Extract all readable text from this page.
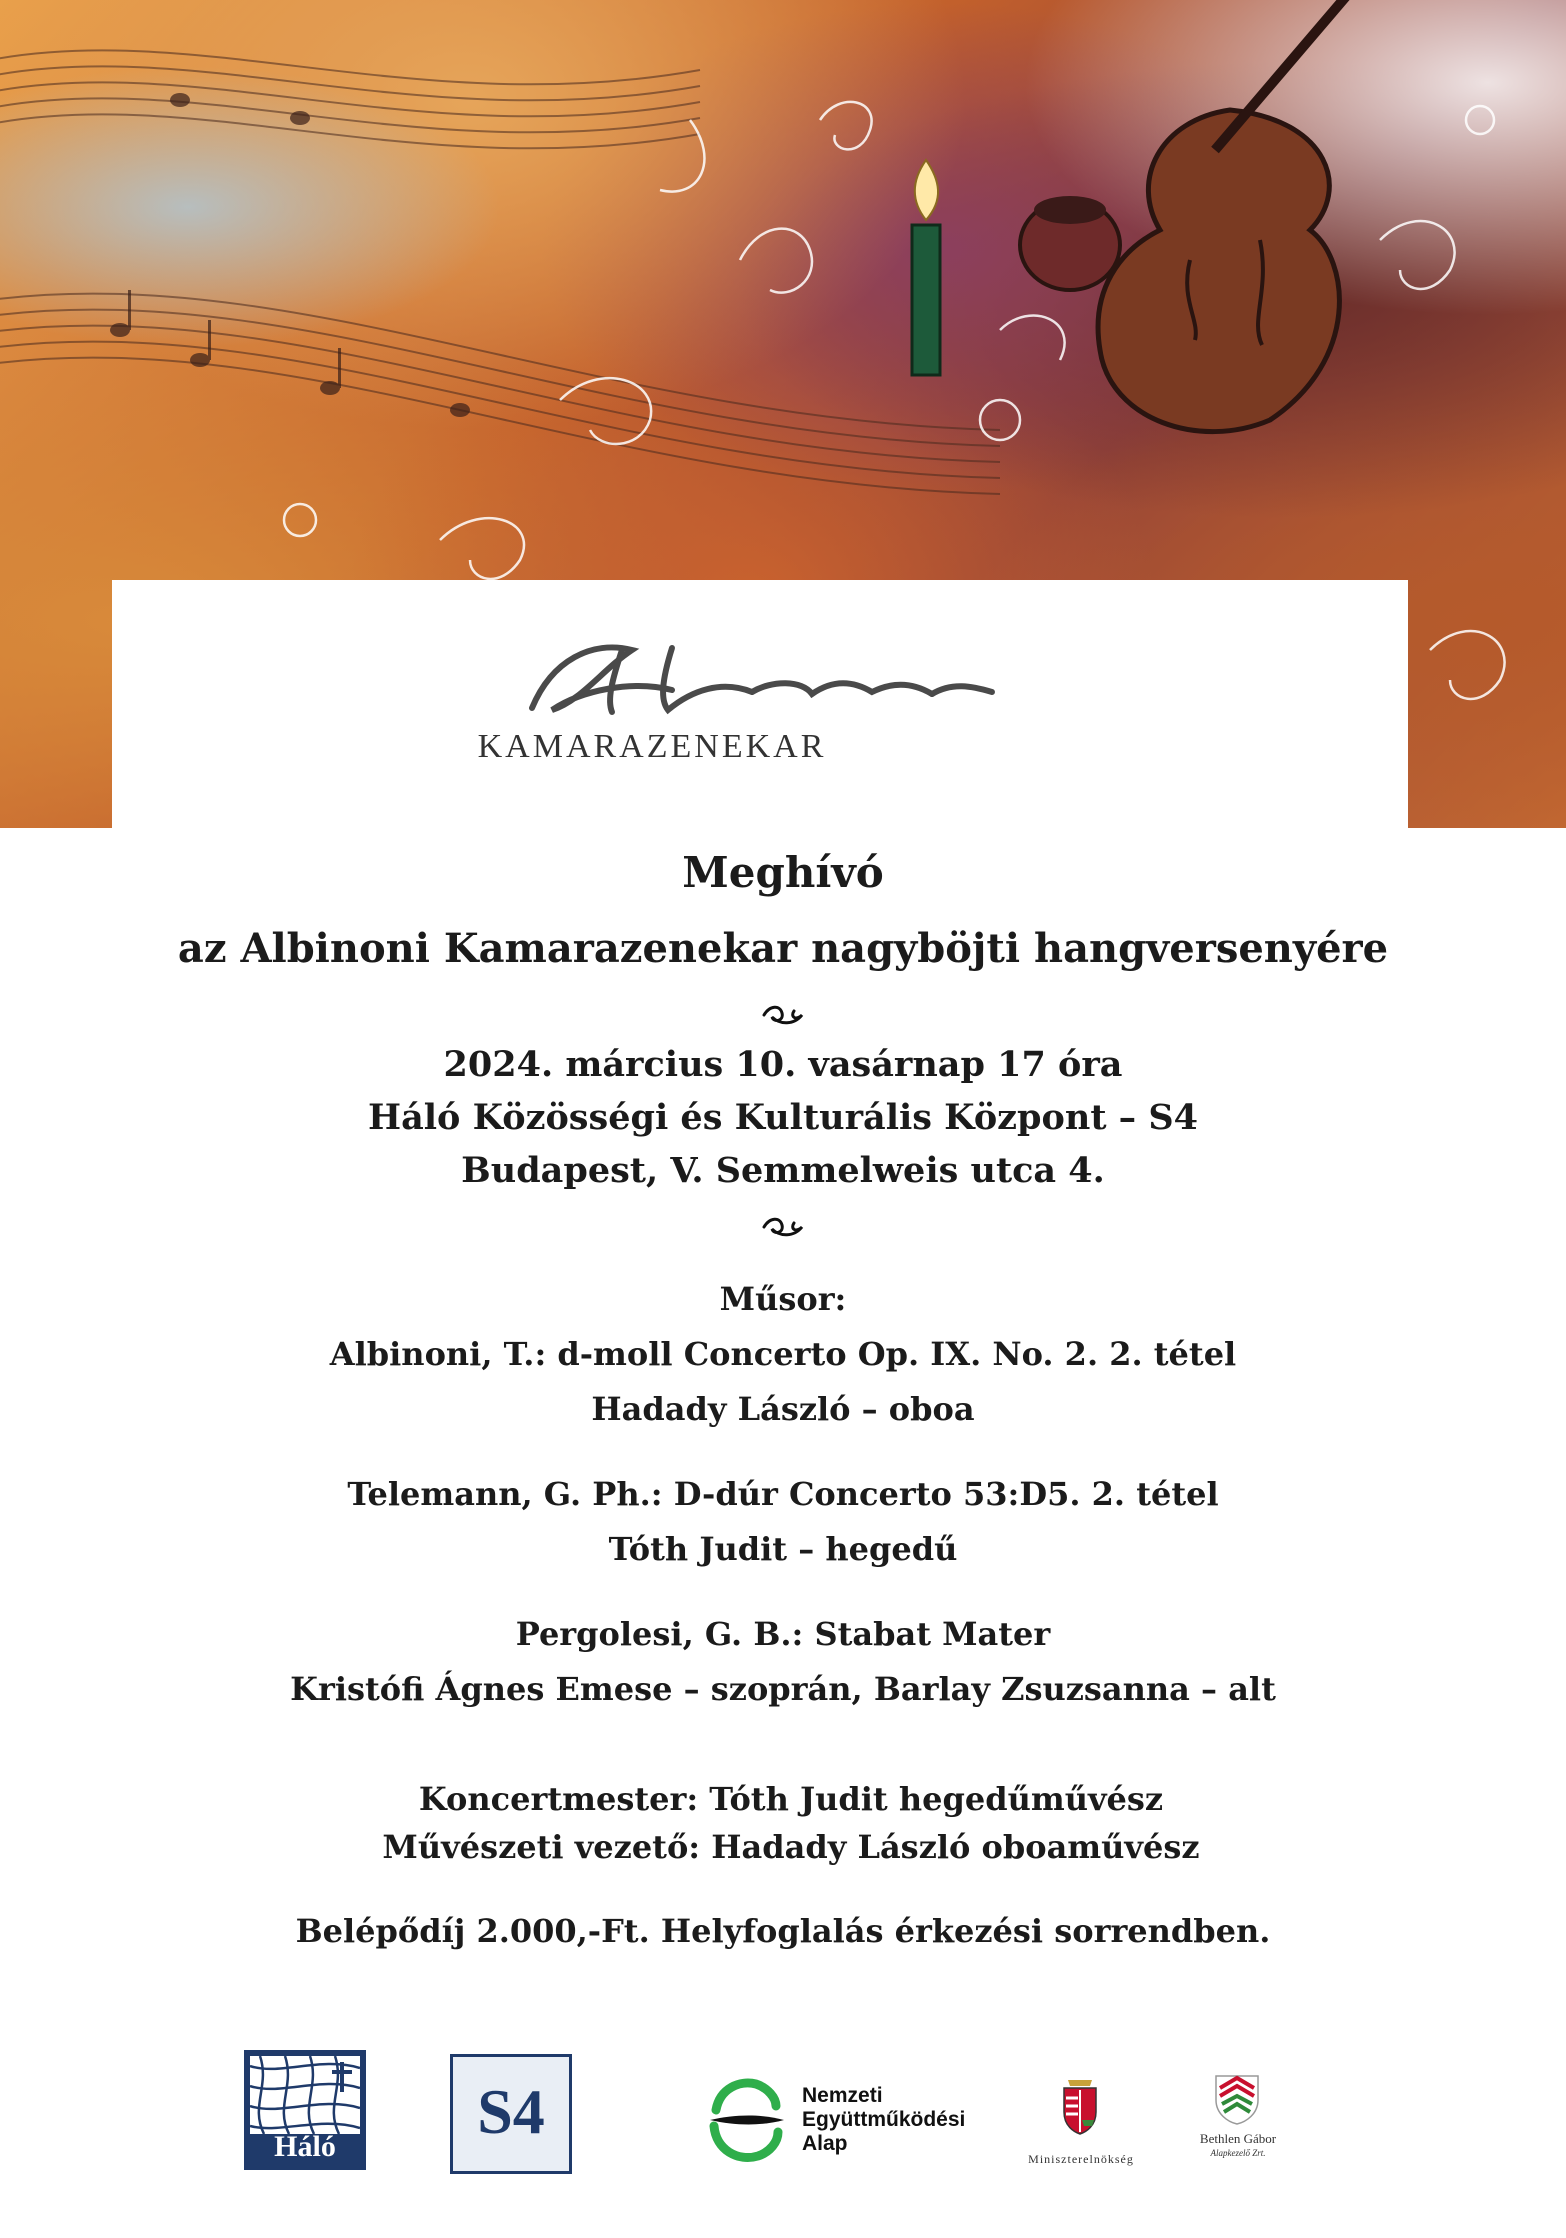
KAMARAZENEKAR
Meghívó
az Albinoni Kamarazenekar nagyböjti hangversenyére
2024. március 10. vasárnap 17 óra
Háló Közösségi és Kulturális Központ – S4
Budapest, V. Semmelweis utca 4.
Műsor:
Albinoni, T.: d-moll Concerto Op. IX. No. 2. 2. tétel
Hadady László – oboa
Telemann, G. Ph.: D-dúr Concerto 53:D5. 2. tétel
Tóth Judit – hegedű
Pergolesi, G. B.: Stabat Mater
Kristófi Ágnes Emese – szoprán, Barlay Zsuzsanna – alt
Koncertmester: Tóth Judit hegedűművész
Művészeti vezető: Hadady László oboaművész
Belépődíj 2.000,-Ft. Helyfoglalás érkezési sorrendben.
Háló	S4	Nemzeti
Együttműködési
Alap
Miniszterelnökség
Bethlen Gábor
Alapkezelő Zrt.
